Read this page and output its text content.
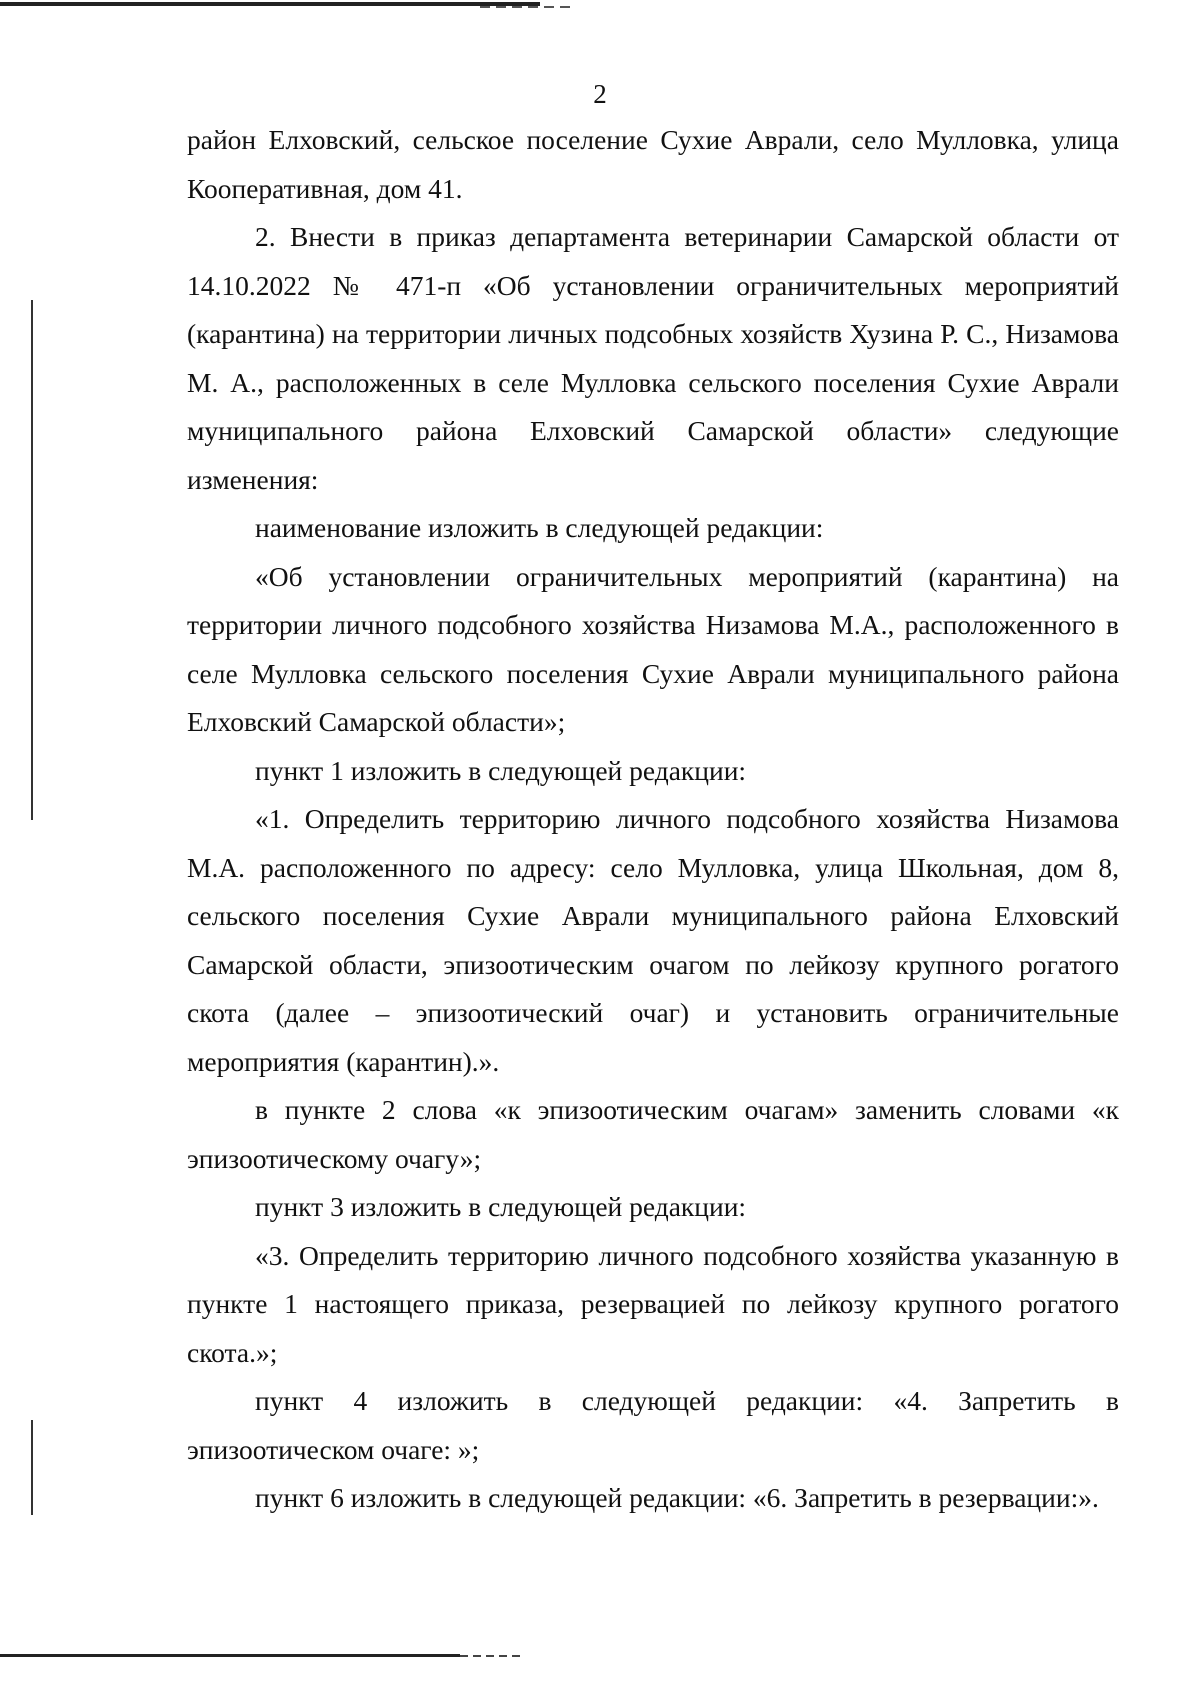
2

район Елховский, сельское поселение Сухие Аврали, село Мулловка, улица Кооперативная, дом 41.

2. Внести в приказ департамента ветеринарии Самарской области от 14.10.2022 № 471-п «Об установлении ограничительных мероприятий (карантина) на территории личных подсобных хозяйств Хузина Р. С., Низамова М. А., расположенных в селе Мулловка сельского поселения Сухие Аврали муниципального района Елховский Самарской области» следующие изменения:

наименование изложить в следующей редакции:

«Об установлении ограничительных мероприятий (карантина) на территории личного подсобного хозяйства Низамова М.А., расположенного в селе Мулловка сельского поселения Сухие Аврали муниципального района Елховский Самарской области»;

пункт 1 изложить в следующей редакции:

«1. Определить территорию личного подсобного хозяйства Низамова М.А. расположенного по адресу: село Мулловка, улица Школьная, дом 8, сельского поселения Сухие Аврали муниципального района Елховский Самарской области, эпизоотическим очагом по лейкозу крупного рогатого скота (далее – эпизоотический очаг) и установить ограничительные мероприятия (карантин).».

в пункте 2 слова «к эпизоотическим очагам» заменить словами «к эпизоотическому очагу»;

пункт 3 изложить в следующей редакции:

«3. Определить территорию личного подсобного хозяйства указанную в пункте 1 настоящего приказа, резервацией по лейкозу крупного рогатого скота.»;

пункт 4 изложить в следующей редакции: «4. Запретить в эпизоотическом очаге: »;

пункт 6 изложить в следующей редакции: «6. Запретить в резервации:».
